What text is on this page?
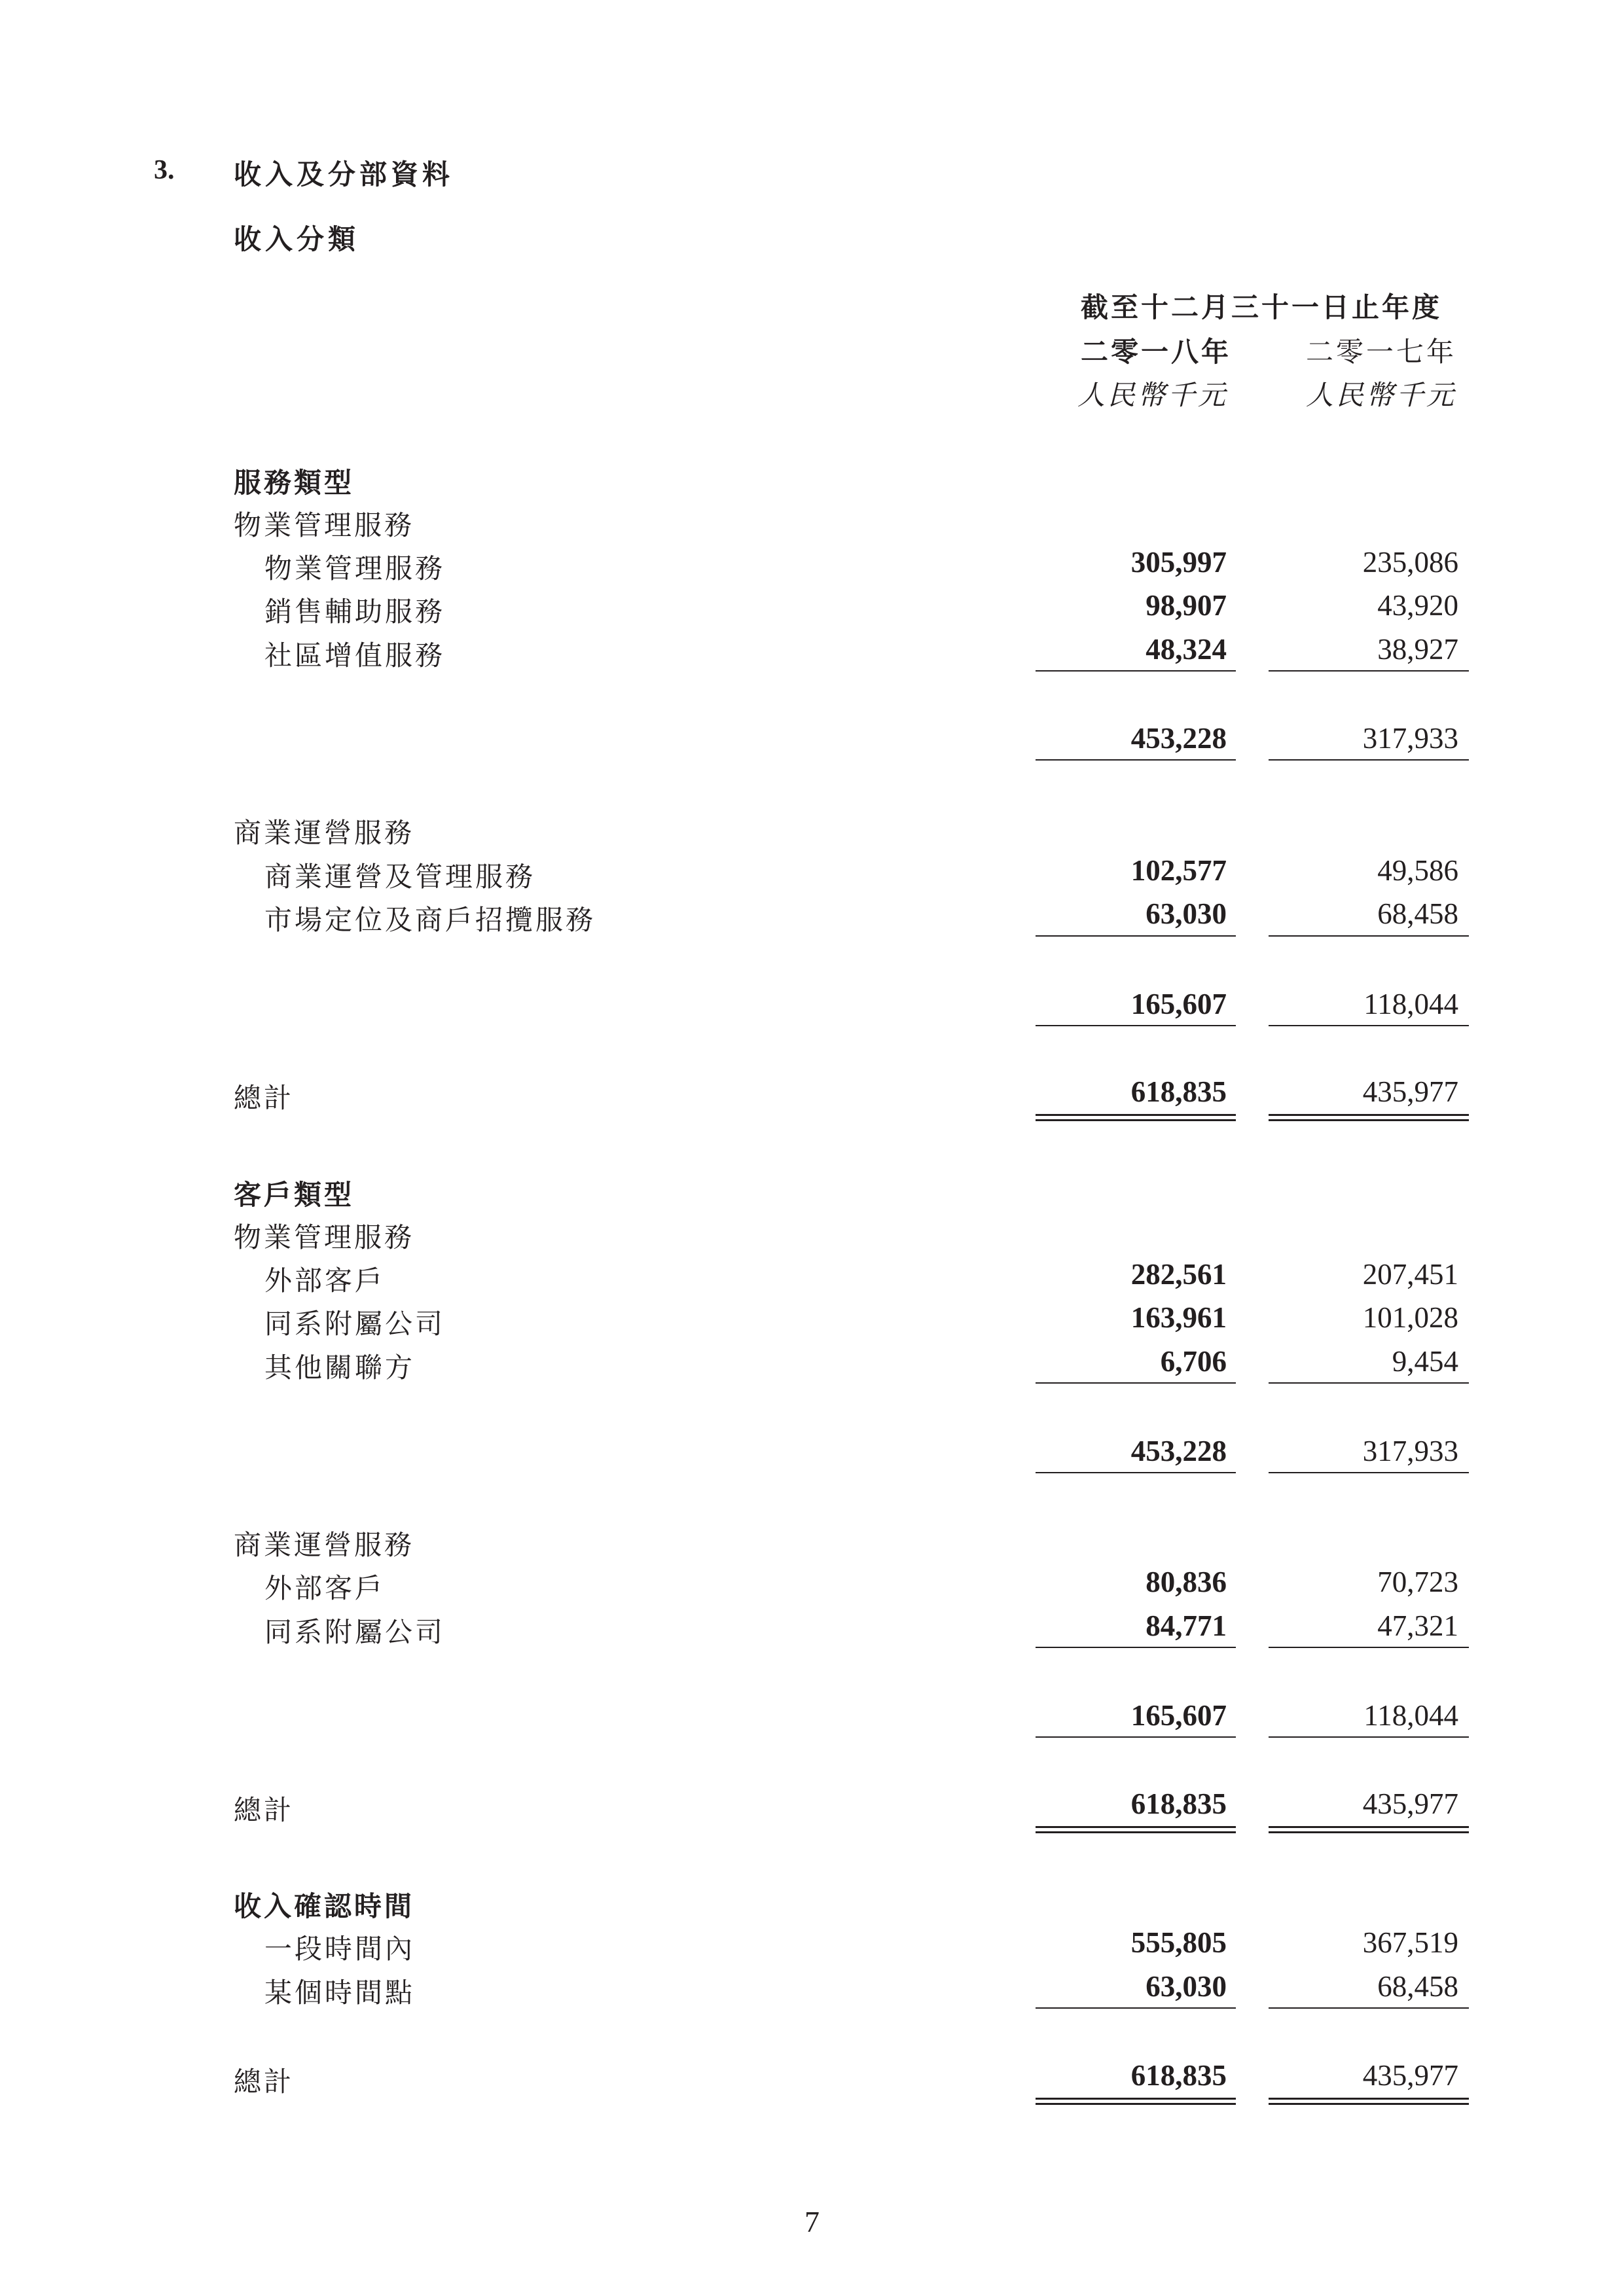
3. 收入及分部資料
收入分類
截至十二月三十一日止年度
二零一八年	二零一七年
人民幣千元	人民幣千元
服務類型
物業管理服務
物業管理服務	305,997	235,086
銷售輔助服務	98,907	43,920
社區增值服務	48,324	38,927
453,228	317,933
商業運營服務
商業運營及管理服務	102,577	49,586
市場定位及商戶招攬服務	63,030	68,458
165,607	118,044
總計	618,835	435,977
客戶類型
物業管理服務
外部客戶	282,561	207,451
同系附屬公司	163,961	101,028
其他關聯方	6,706	9,454
453,228	317,933
商業運營服務
外部客戶	80,836	70,723
同系附屬公司	84,771	47,321
165,607	118,044
總計	618,835	435,977
收入確認時間
一段時間內	555,805	367,519
某個時間點	63,030	68,458
總計	618,835	435,977
7
